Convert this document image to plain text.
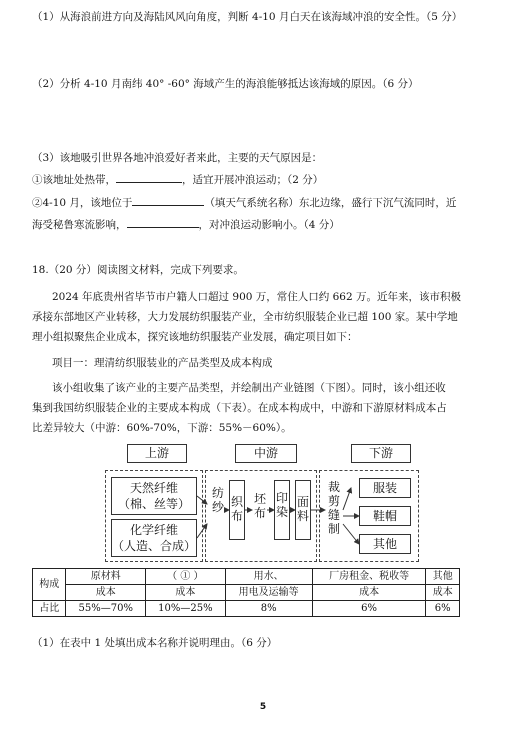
（1）从海浪前进方向及海陆风风向角度，判断 4-10 月白天在该海域冲浪的安全性。（5 分）
（2）分析 4-10 月南纬 40° -60° 海域产生的海浪能够抵达该海域的原因。（6 分）
（3）该地吸引世界各地冲浪爱好者来此，主要的天气原因是：
①该地址处热带，	，适宜开展冲浪运动；（2 分）
②4-10 月，该地位于	（填天气系统名称）东北边缘，盛行下沉气流同时，近
海受秘鲁寒流影响，	，对冲浪运动影响小。（4 分）
18.（20 分）阅读图文材料，完成下列要求。
2024 年底贵州省毕节市户籍人口超过 900 万，常住人口约 662 万。近年来，该市积极
承接东部地区产业转移，大力发展纺织服装产业，全市纺织服装企业已超 100 家。某中学地
理小组拟聚焦企业成本，探究该地纺织服装产业发展，确定项目如下：
项目一：理清纺织服装业的产品类型及成本构成
该小组收集了该产业的主要产品类型，并绘制出产业链图（下图）。同时，该小组还收
集到我国纺织服装企业的主要成本构成（下表）。在成本构成中，中游和下游原材料成本占
比差异较大（中游：60%-70%，下游：55%－60%）。
上游	中游	下游
天然纤维
（棉、丝等）
化学纤维
（人造、合成）
纺纱 织布
坯布
印染
面料
裁剪缝制
服装
鞋帽
其他
构成	原材料	（ ① ）	用水、	厂房租金、税收等	其他
	成本	成本	用电及运输等	成本	成本
占比	55%—70%	10%—25%	8%	6%	6%
（1）在表中 1 处填出成本名称并说明理由。（6 分）
5
